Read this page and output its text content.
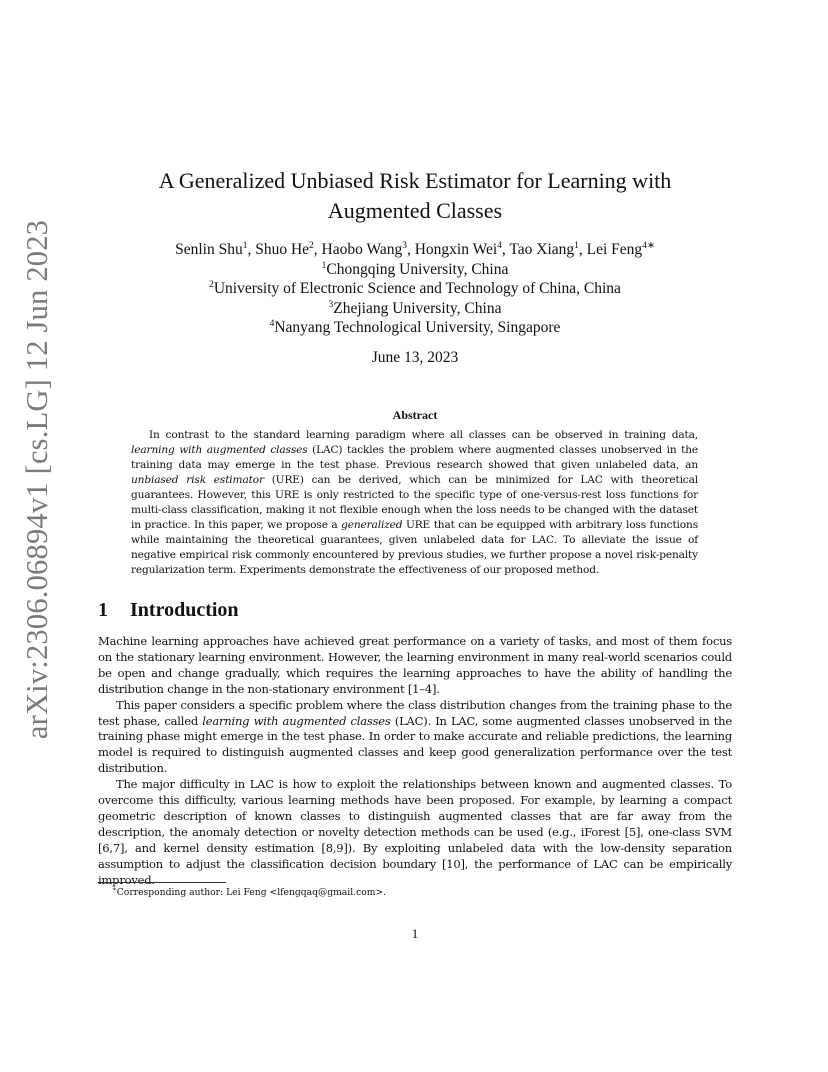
arXiv:2306.06894v1 [cs.LG] 12 Jun 2023
A Generalized Unbiased Risk Estimator for Learning with
Augmented Classes
Senlin Shu$^1$, Shuo He$^2$, Haobo Wang$^3$, Hongxin Wei$^4$, Tao Xiang$^1$, Lei Feng$^{4∗}$
$^1$Chongqing University, China
$^2$University of Electronic Science and Technology of China, China
$^3$Zhejiang University, China
$^4$Nanyang Technological University, Singapore
June 13, 2023
Abstract
In contrast to the standard learning paradigm where all classes can be observed in training data, learning with augmented classes (LAC) tackles the problem where augmented classes unobserved in the training data may emerge in the test phase. Previous research showed that given unlabeled data, an unbiased risk estimator (URE) can be derived, which can be minimized for LAC with theoretical guarantees. However, this URE is only restricted to the specific type of one-versus-rest loss functions for multi-class classification, making it not flexible enough when the loss needs to be changed with the dataset in practice. In this paper, we propose a generalized URE that can be equipped with arbitrary loss functions while maintaining the theoretical guarantees, given unlabeled data for LAC. To alleviate the issue of negative empirical risk commonly encountered by previous studies, we further propose a novel risk-penalty regularization term. Experiments demonstrate the effectiveness of our proposed method.
1 Introduction

Machine learning approaches have achieved great performance on a variety of tasks, and most of them focus on the stationary learning environment. However, the learning environment in many real-world scenarios could be open and change gradually, which requires the learning approaches to have the ability of handling the distribution change in the non-stationary environment [1–4].

This paper considers a specific problem where the class distribution changes from the training phase to the test phase, called learning with augmented classes (LAC). In LAC, some augmented classes unobserved in the training phase might emerge in the test phase. In order to make accurate and reliable predictions, the learning model is required to distinguish augmented classes and keep good generalization performance over the test distribution.

The major difficulty in LAC is how to exploit the relationships between known and augmented classes. To overcome this difficulty, various learning methods have been proposed. For example, by learning a compact geometric description of known classes to distinguish augmented classes that are far away from the description, the anomaly detection or novelty detection methods can be used (e.g., iForest [5], one-class SVM [6,7], and kernel density estimation [8,9]). By exploiting unlabeled data with the low-density separation assumption to adjust the classification decision boundary [10], the performance of LAC can be empirically improved.

∗Corresponding author: Lei Feng <lfengqaq@gmail.com>.
1
